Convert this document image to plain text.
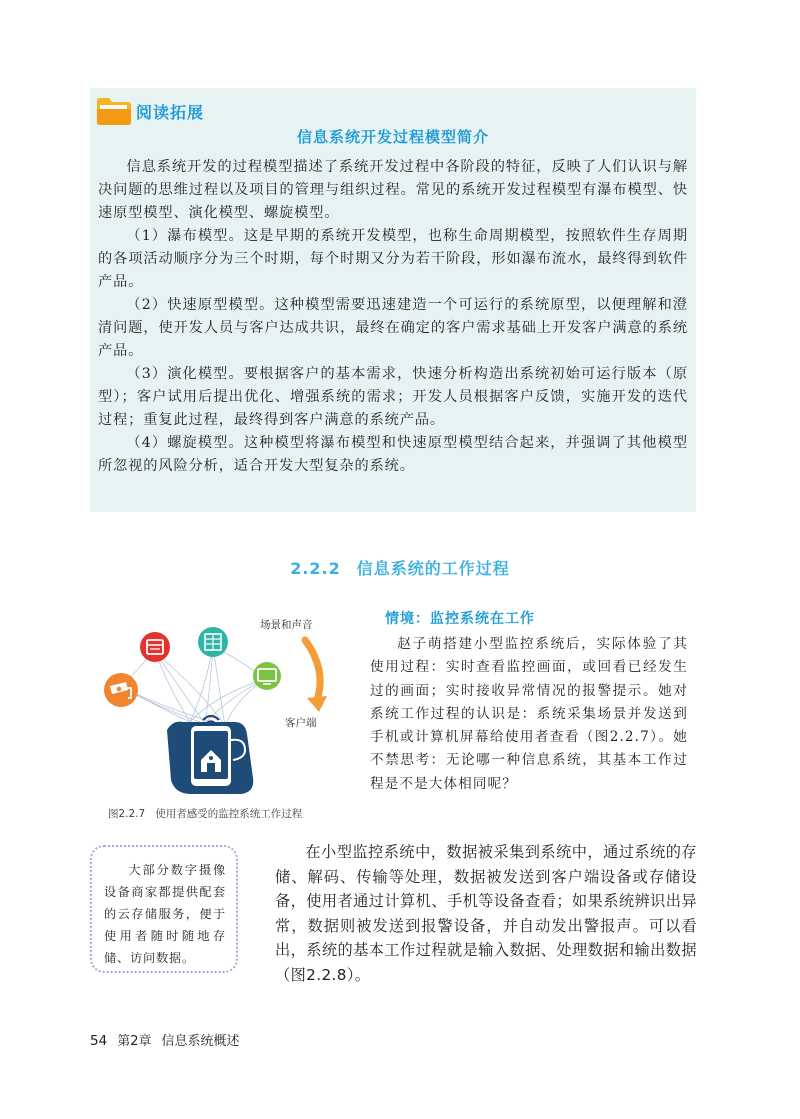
阅读拓展
信息系统开发过程模型简介

信息系统开发的过程模型描述了系统开发过程中各阶段的特征，反映了人们认识与解决问题的思维过程以及项目的管理与组织过程。常见的系统开发过程模型有瀑布模型、快速原型模型、演化模型、螺旋模型。

（1）瀑布模型。这是早期的系统开发模型，也称生命周期模型，按照软件生存周期的各项活动顺序分为三个时期，每个时期又分为若干阶段，形如瀑布流水，最终得到软件产品。

（2）快速原型模型。这种模型需要迅速建造一个可运行的系统原型，以便理解和澄清问题，使开发人员与客户达成共识，最终在确定的客户需求基础上开发客户满意的系统产品。

（3）演化模型。要根据客户的基本需求，快速分析构造出系统初始可运行版本（原型）；客户试用后提出优化、增强系统的需求；开发人员根据客户反馈，实施开发的迭代过程；重复此过程，最终得到客户满意的系统产品。

（4）螺旋模型。这种模型将瀑布模型和快速原型模型结合起来，并强调了其他模型所忽视的风险分析，适合开发大型复杂的系统。

2.2.2 信息系统的工作过程
场景和声音
客户端
图2.2.7 使用者感受的监控系统工作过程
情境：监控系统在工作

赵子萌搭建小型监控系统后，实际体验了其使用过程：实时查看监控画面，或回看已经发生过的画面；实时接收异常情况的报警提示。她对系统工作过程的认识是：系统采集场景并发送到手机或计算机屏幕给使用者查看（图2.2.7）。她不禁思考：无论哪一种信息系统，其基本工作过程是不是大体相同呢？

大部分数字摄像设备商家都提供配套的云存储服务，便于使用者随时随地存储、访问数据。

在小型监控系统中，数据被采集到系统中，通过系统的存储、解码、传输等处理，数据被发送到客户端设备或存储设备，使用者通过计算机、手机等设备查看；如果系统辨识出异常，数据则被发送到报警设备，并自动发出警报声。可以看出，系统的基本工作过程就是输入数据、处理数据和输出数据（图2.2.8）。

54 第2章 信息系统概述
